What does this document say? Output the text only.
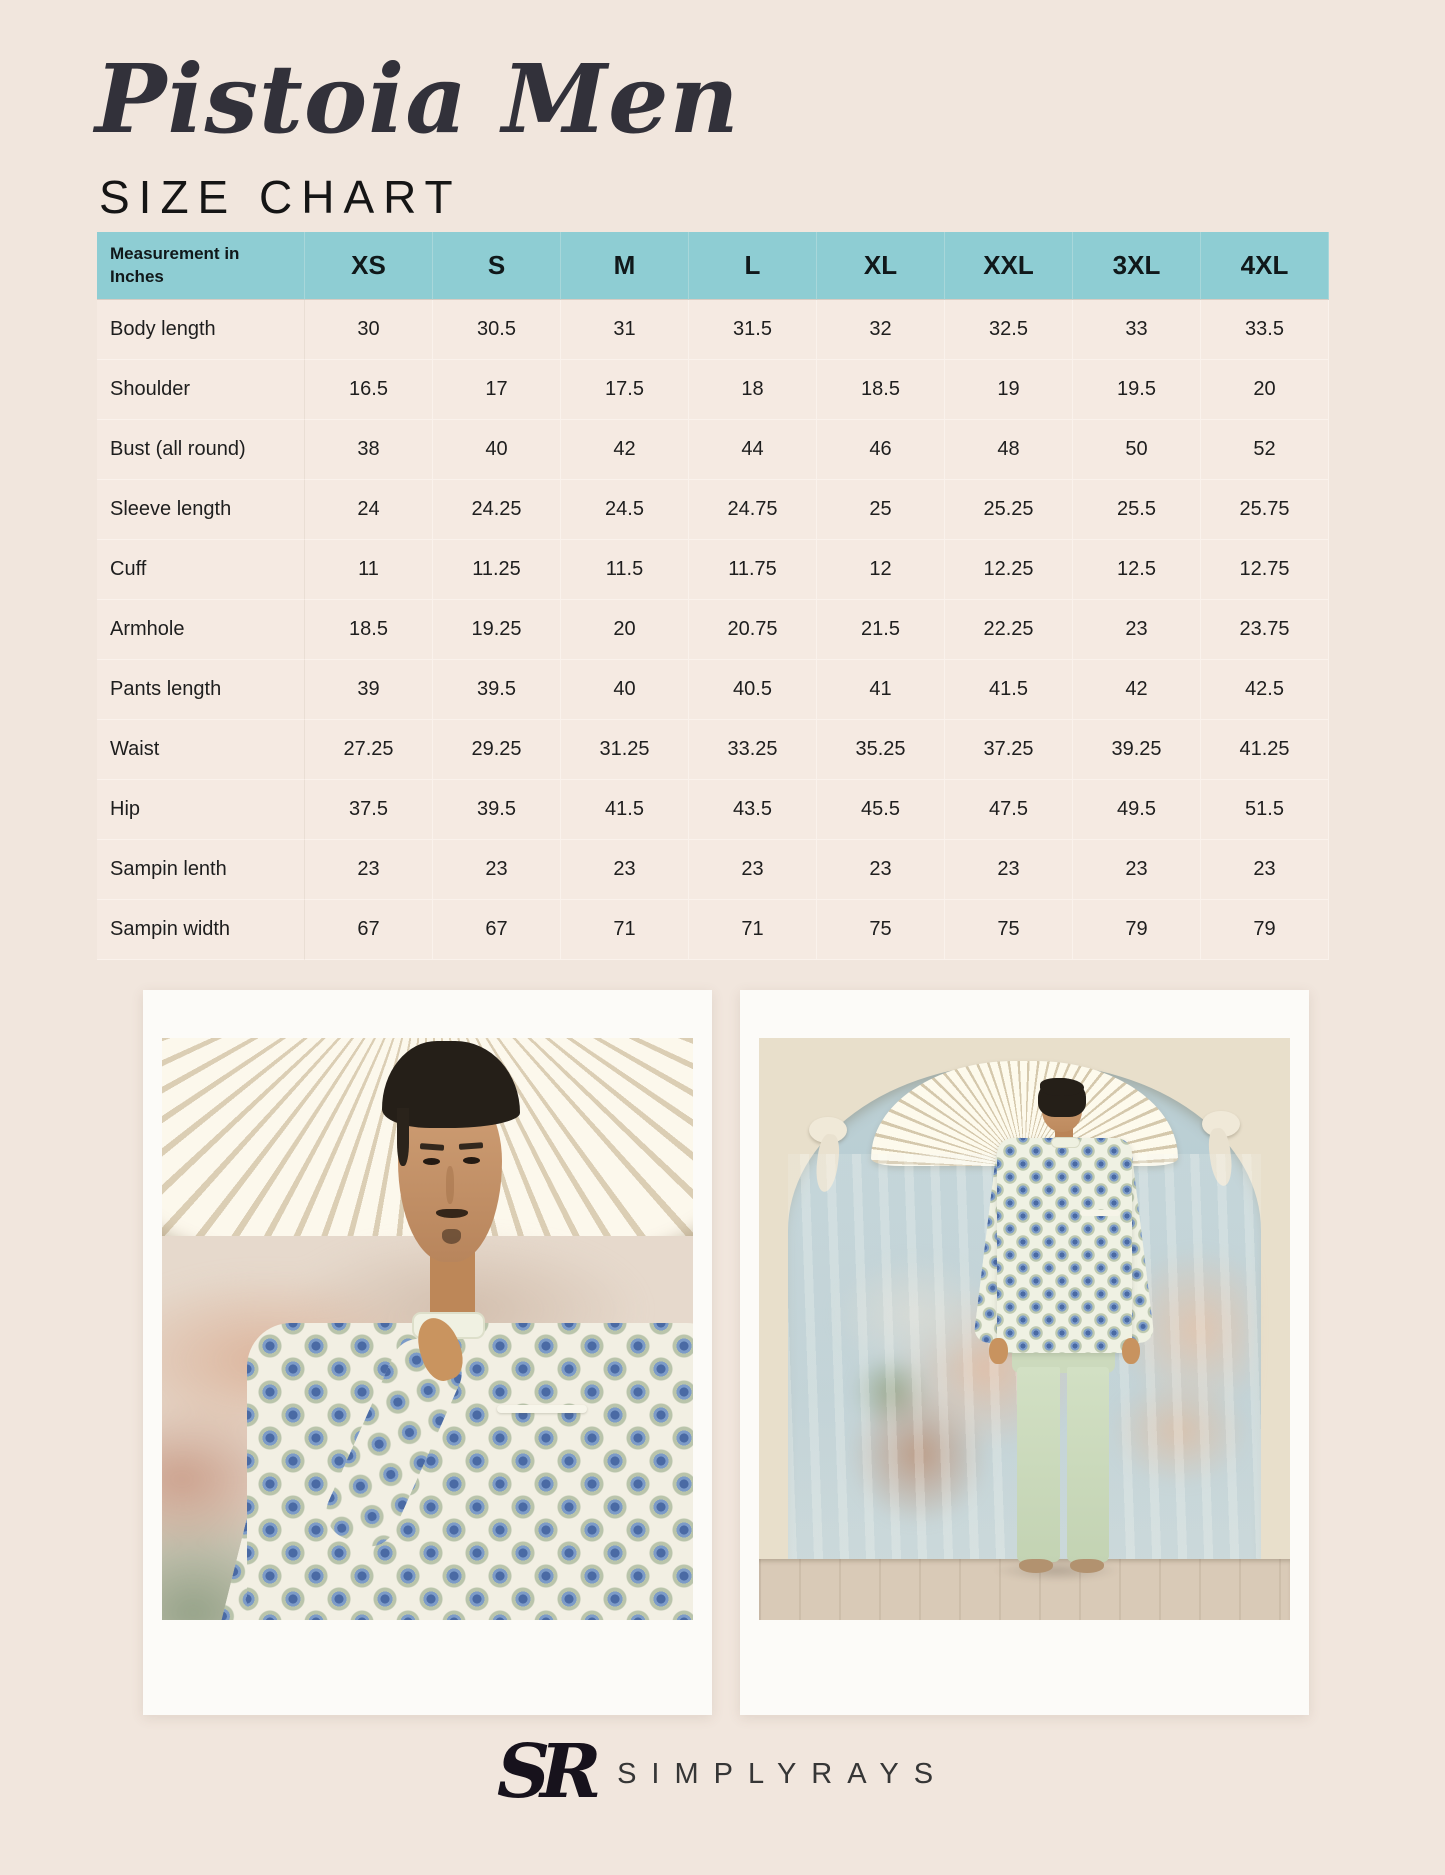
Pistoia Men
SIZE CHART
Measurement in Inches	XS	S	M	L	XL	XXL	3XL	4XL
Body length	30	30.5	31	31.5	32	32.5	33	33.5
Shoulder	16.5	17	17.5	18	18.5	19	19.5	20
Bust (all round)	38	40	42	44	46	48	50	52
Sleeve length	24	24.25	24.5	24.75	25	25.25	25.5	25.75
Cuff	11	11.25	11.5	11.75	12	12.25	12.5	12.75
Armhole	18.5	19.25	20	20.75	21.5	22.25	23	23.75
Pants length	39	39.5	40	40.5	41	41.5	42	42.5
Waist	27.25	29.25	31.25	33.25	35.25	37.25	39.25	41.25
Hip	37.5	39.5	41.5	43.5	45.5	47.5	49.5	51.5
Sampin lenth	23	23	23	23	23	23	23	23
Sampin width	67	67	71	71	75	75	79	79
SR SIMPLYRAYS
